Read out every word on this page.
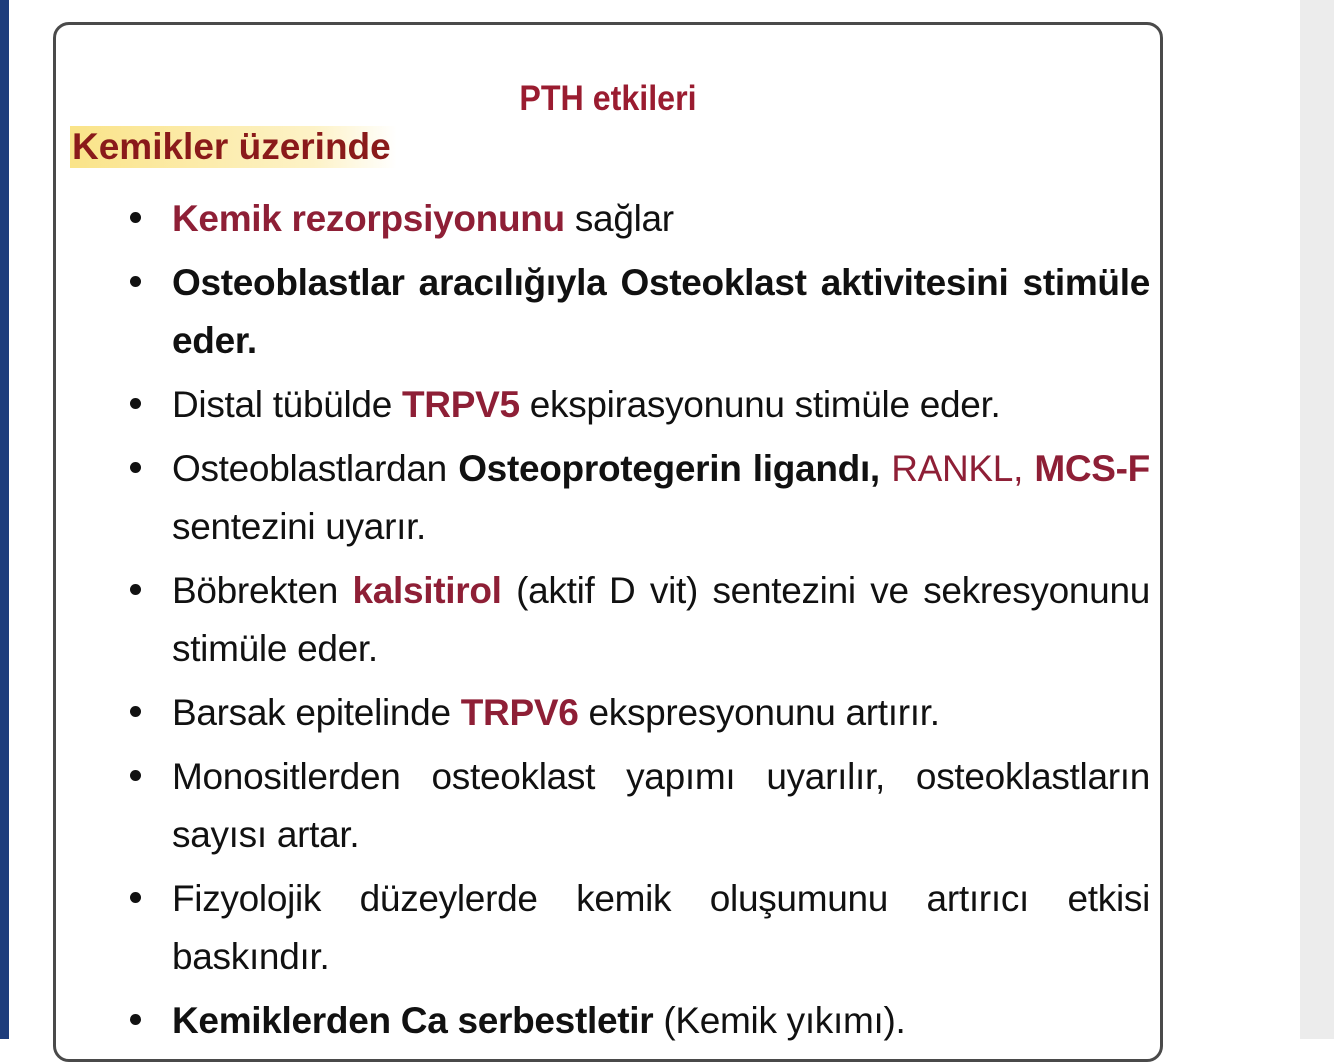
PTH etkileri
Kemikler üzerinde
Kemik rezorpsiyonunu sağlar
Osteoblastlar aracılığıyla Osteoklast aktivitesini stimüle eder.
Distal tübülde TRPV5 ekspirasyonunu stimüle eder.
Osteoblastlardan Osteoprotegerin ligandı, RANKL, MCS-F sentezini uyarır.
Böbrekten kalsitirol (aktif D vit) sentezini ve sekresyonunu stimüle eder.
Barsak epitelinde TRPV6 ekspresyonunu artırır.
Monositlerden osteoklast yapımı uyarılır, osteoklastların sayısı artar.
Fizyolojik düzeylerde kemik oluşumunu artırıcı etkisi baskındır.
Kemiklerden Ca serbestletir (Kemik yıkımı).
